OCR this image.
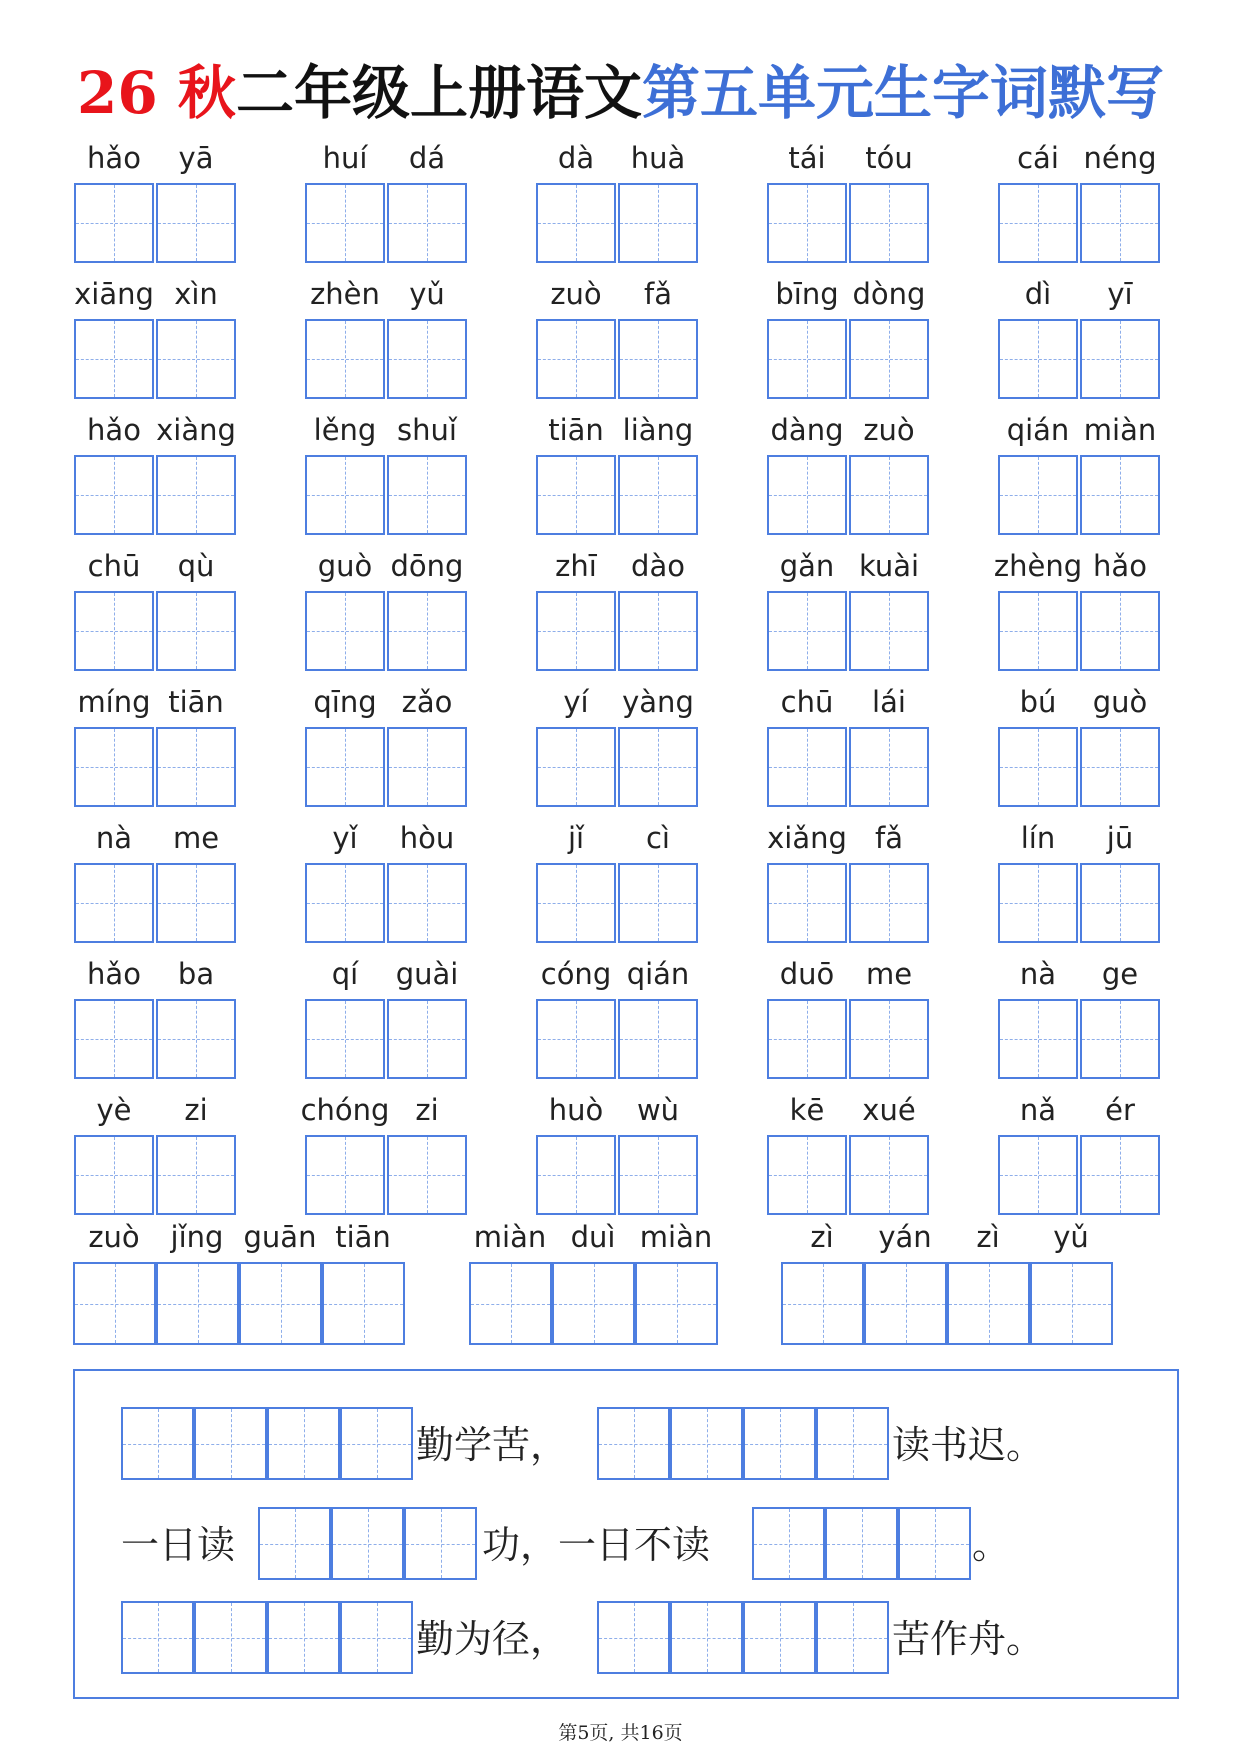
26 秋二年级上册语文第五单元生字词默写
hǎo	yā	huí	dá	dà	huà	tái	tóu	cái néng
xiāng xìn	zhèn	yǔ	zuò	fǎ	bīng dòng	dì	yī
hǎo xiàng	lěng shuǐ	tiān liàng	dàng zuò	qián miàn
chū	qù	guò dōng	zhī	dào	gǎn kuài	zhèng hǎo
míng tiān	qīng zǎo	yí	yàng	chū	lái	bú	guò
nà	me	yǐ	hòu	jǐ	cì	xiǎng fǎ	lín	jū
hǎo	ba	qí	guài	cóng qián	duō	me	nà	ge
yè	zi	chóng zi	huò	wù	kē	xué	nǎ	ér
zuò	jǐng guān tiān	miàn duì miàn	zì	yán	zì	yǔ
勤学苦，	读书迟。
一日读	功，一日不读	。
勤为径，	苦作舟。
第5页, 共16页
